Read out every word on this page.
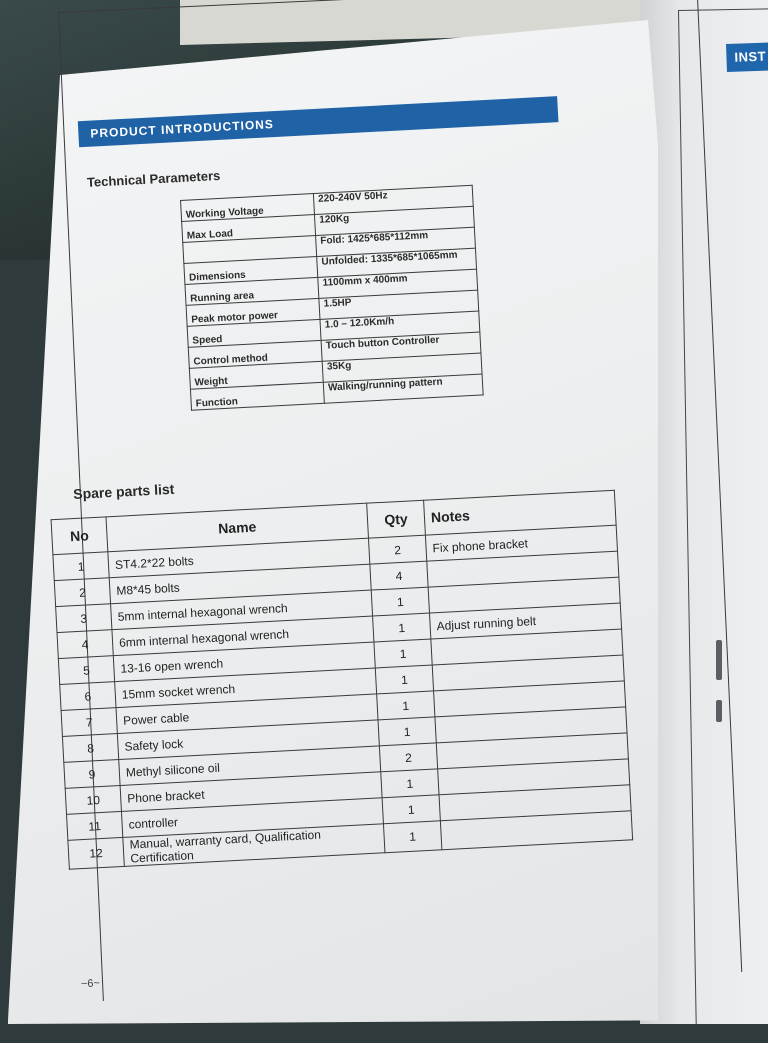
INST
PRODUCT INTRODUCTIONS
Technical Parameters
Working Voltage	220-240V 50Hz
Max Load	120Kg
	Fold: 1425*685*112mm
Dimensions	Unfolded: 1335*685*1065mm
Running area	1100mm x 400mm
Peak motor power	1.5HP
Speed	1.0 – 12.0Km/h
Control method	Touch button Controller
Weight	35Kg
Function	Walking/running pattern
Spare parts list
No	Name	Qty	Notes
1	ST4.2*22 bolts	2	Fix phone bracket
2	M8*45 bolts	4	
3	5mm internal hexagonal wrench	1	
4	6mm internal hexagonal wrench	1	Adjust running belt
5	13-16 open wrench	1	
6	15mm socket wrench	1	
7	Power cable	1	
8	Safety lock	1	
9	Methyl silicone oil	2	
10	Phone bracket	1	
11	controller	1	
12	Manual, warranty card, Qualification Certification	1	
~6~
